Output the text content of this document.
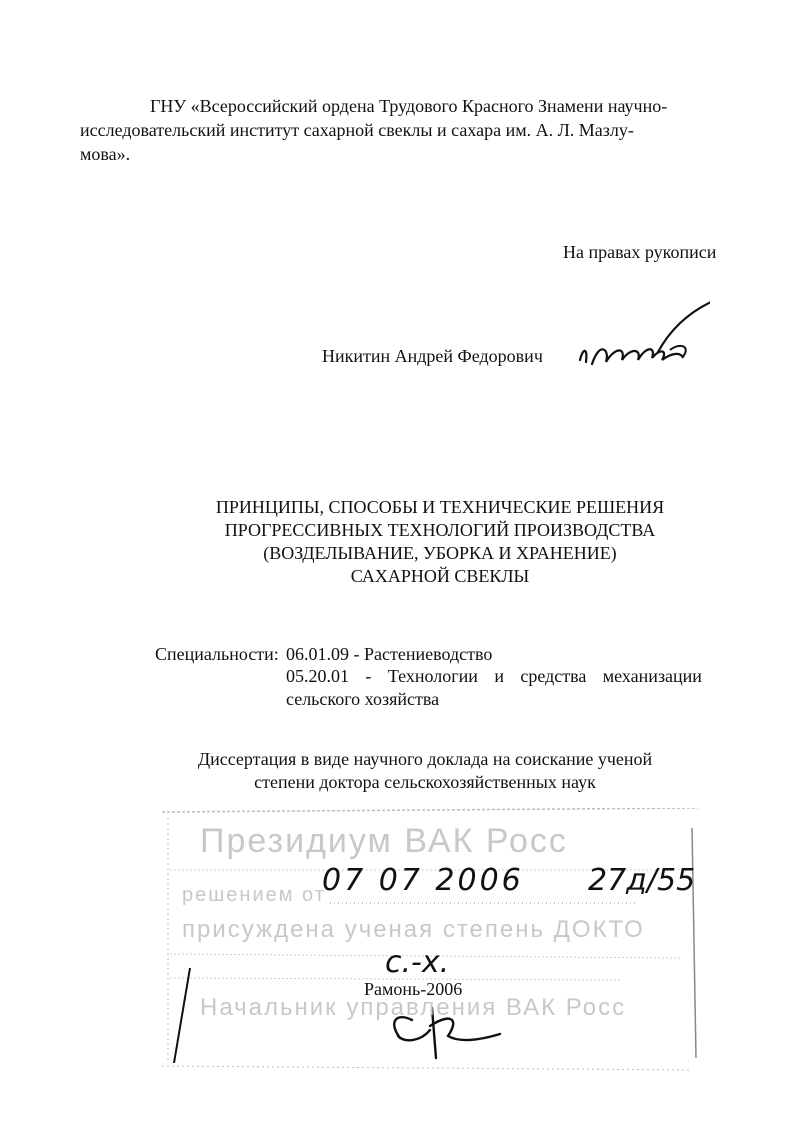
ГНУ «Всероссийский ордена Трудового Красного Знамени научно-
исследовательский институт сахарной свеклы и сахара им. А. Л. Мазлу-
мова».
На правах рукописи
Никитин Андрей Федорович
ПРИНЦИПЫ, СПОСОБЫ И ТЕХНИЧЕСКИЕ РЕШЕНИЯ
ПРОГРЕССИВНЫХ ТЕХНОЛОГИЙ ПРОИЗВОДСТВА
(ВОЗДЕЛЫВАНИЕ, УБОРКА И ХРАНЕНИЕ)
САХАРНОЙ СВЕКЛЫ
Специальности: 06.01.09 - Растениеводство
05.20.01 - Технологии и средства механизации
сельского хозяйства
Диссертация в виде научного доклада на соискание ученой
степени доктора сельскохозяйственных наук
Президиум ВАК Росс
решением от
присуждена ученая степень ДОКТО
Начальник управления ВАК Росс
07 07 2006 27д/55
с.-х.
Рамонь-2006
